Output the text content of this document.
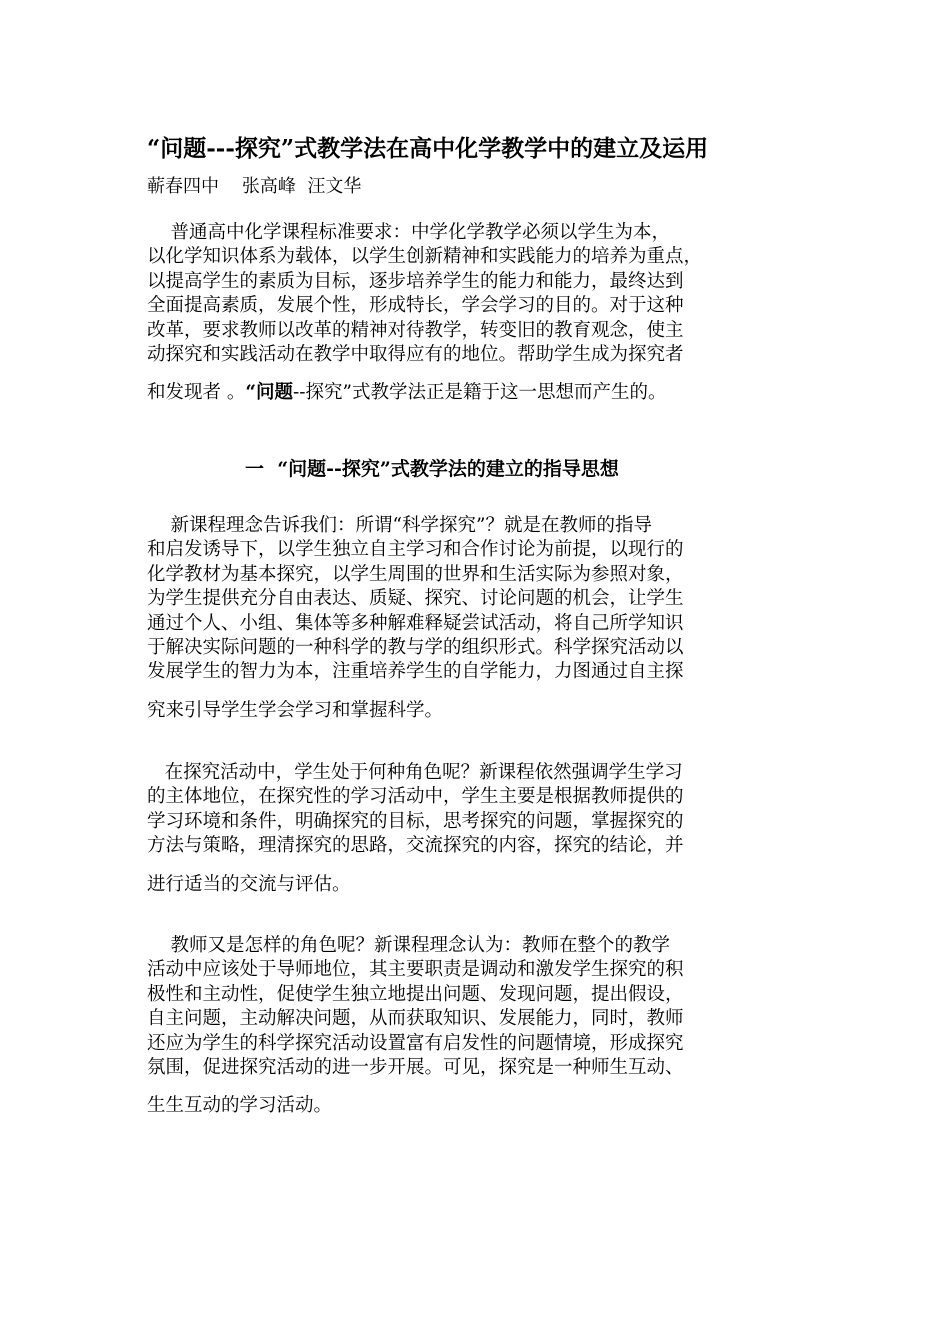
“问题---探究”式教学法在高中化学教学中的建立及运用
蕲春四中    张高峰  汪文华
普通高中化学课程标准要求：中学化学教学必须以学生为本，
以化学知识体系为载体，以学生创新精神和实践能力的培养为重点，
以提高学生的素质为目标，逐步培养学生的能力和能力，最终达到
全面提高素质，发展个性，形成特长，学会学习的目的。对于这种
改革，要求教师以改革的精神对待教学，转变旧的教育观念，使主
动探究和实践活动在教学中取得应有的地位。帮助学生成为探究者
和发现者 。“问题--探究”式教学法正是籍于这一思想而产生的。
一  “问题--探究”式教学法的建立的指导思想
新课程理念告诉我们：所谓“科学探究”？就是在教师的指导
和启发诱导下，以学生独立自主学习和合作讨论为前提，以现行的
化学教材为基本探究，以学生周围的世界和生活实际为参照对象，
为学生提供充分自由表达、质疑、探究、讨论问题的机会，让学生
通过个人、小组、集体等多种解难释疑尝试活动，将自己所学知识
于解决实际问题的一种科学的教与学的组织形式。科学探究活动以
发展学生的智力为本，注重培养学生的自学能力，力图通过自主探
究来引导学生学会学习和掌握科学。
在探究活动中，学生处于何种角色呢？新课程依然强调学生学习
的主体地位，在探究性的学习活动中，学生主要是根据教师提供的
学习环境和条件，明确探究的目标，思考探究的问题，掌握探究的
方法与策略，理清探究的思路，交流探究的内容，探究的结论，并
进行适当的交流与评估。
教师又是怎样的角色呢？新课程理念认为：教师在整个的教学
活动中应该处于导师地位，其主要职责是调动和激发学生探究的积
极性和主动性，促使学生独立地提出问题、发现问题，提出假设，
自主问题，主动解决问题，从而获取知识、发展能力，同时，教师
还应为学生的科学探究活动设置富有启发性的问题情境，形成探究
氛围，促进探究活动的进一步开展。可见，探究是一种师生互动、
生生互动的学习活动。
